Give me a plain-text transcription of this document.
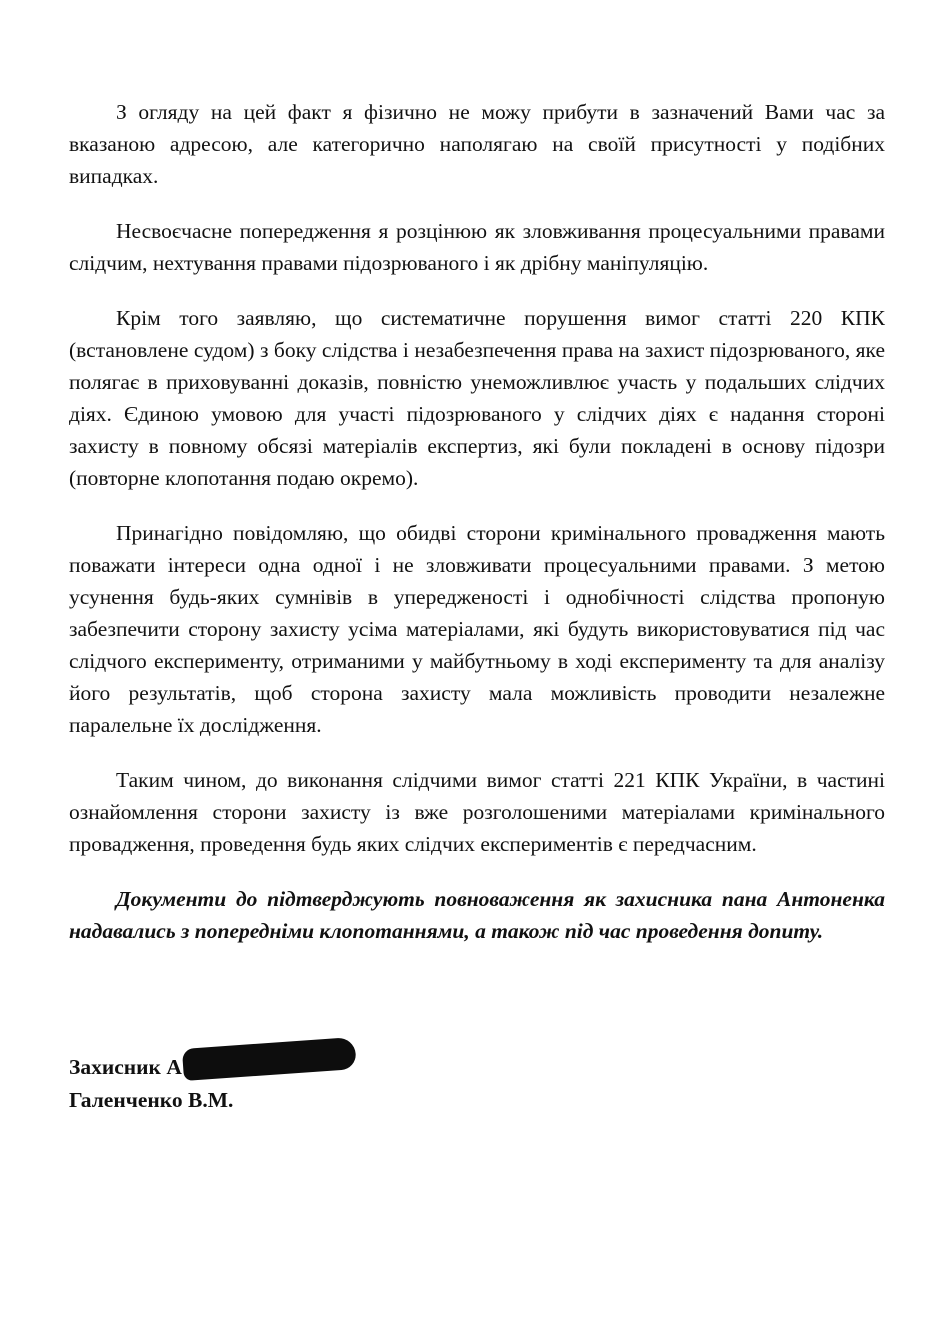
З огляду на цей факт я фізично не можу прибути в зазначений Вами час за вказаною адресою, але категорично наполягаю на своїй присутності у подібних випадках.

Несвоєчасне попередження я розцінюю як зловживання процесуальними правами слідчим, нехтування правами підозрюваного і як дрібну маніпуляцію.

Крім того заявляю, що систематичне порушення вимог статті 220 КПК (встановлене судом) з боку слідства і незабезпечення права на захист підозрюваного, яке полягає в приховуванні доказів, повністю унеможливлює участь у подальших слідчих діях. Єдиною умовою для участі підозрюваного у слідчих діях є надання стороні захисту в повному обсязі матеріалів експертиз, які були покладені в основу підозри (повторне клопотання подаю окремо).

Принагідно повідомляю, що обидві сторони кримінального провадження мають поважати інтереси одна одної і не зловживати процесуальними правами. З метою усунення будь-яких сумнівів в упередженості і однобічності слідства пропоную забезпечити сторону захисту усіма матеріалами, які будуть використовуватися під час слідчого експерименту, отриманими у майбутньому в ході експерименту та для аналізу його результатів, щоб сторона захисту мала можливість проводити незалежне паралельне їх дослідження.

Таким чином, до виконання слідчими вимог статті 221 КПК України, в частині ознайомлення сторони захисту із вже розголошеними матеріалами кримінального провадження, проведення будь яких слідчих експериментів є передчасним.

Документи до підтверджують повноваження як захисника пана Антоненка надавались з попередніми клопотаннями, а також під час проведення допиту.

Захисник А
Галенченко В.М.
